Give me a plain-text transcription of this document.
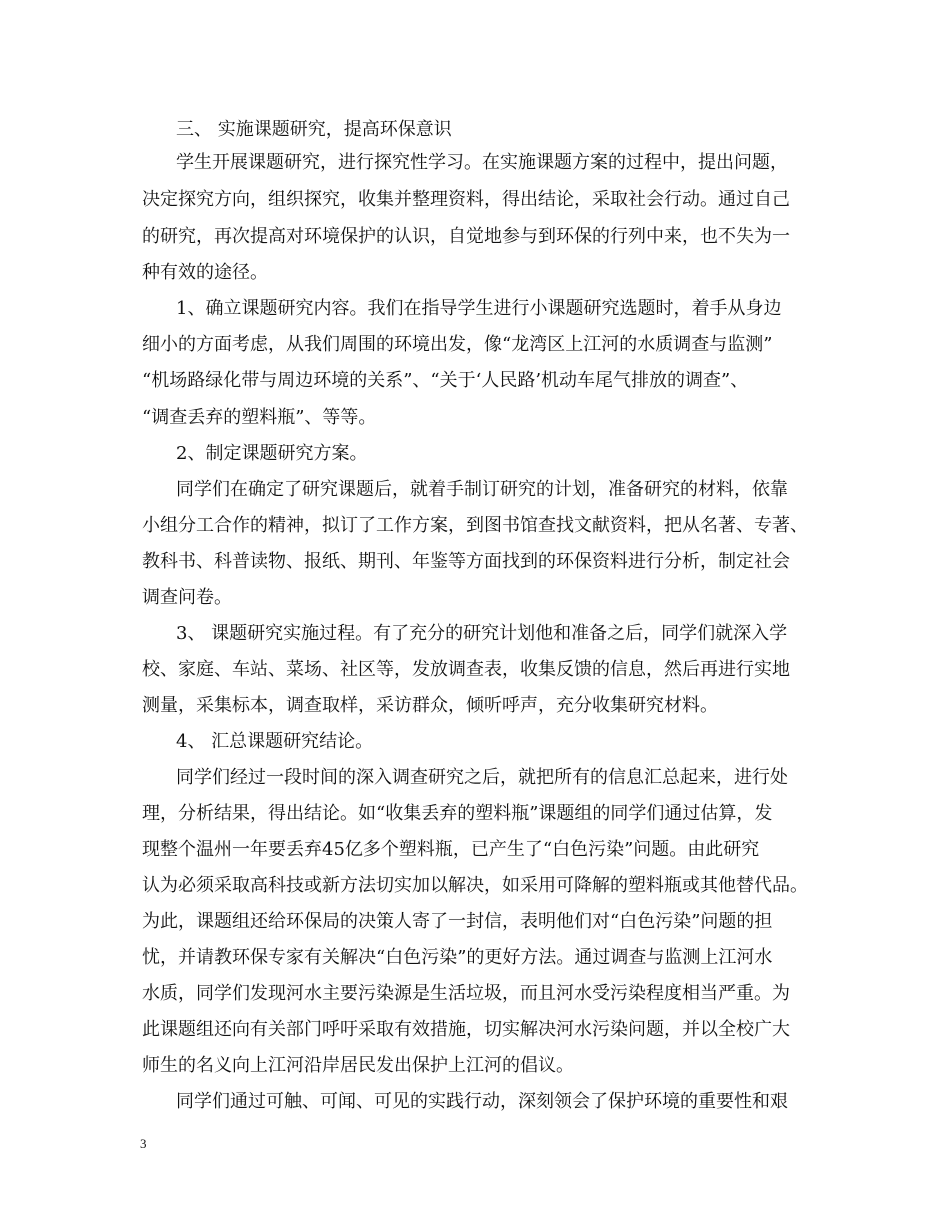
三、 实施课题研究，提高环保意识
学生开展课题研究，进行探究性学习。在实施课题方案的过程中，提出问题，
决定探究方向，组织探究，收集并整理资料，得出结论，采取社会行动。通过自己
的研究，再次提高对环境保护的认识，自觉地参与到环保的行列中来，也不失为一
种有效的途径。
1、确立课题研究内容。我们在指导学生进行小课题研究选题时，着手从身边
细小的方面考虑，从我们周围的环境出发，像“龙湾区上江河的水质调查与监测”
“机场路绿化带与周边环境的关系”、“关于‘人民路’机动车尾气排放的调查”、
“调查丢弃的塑料瓶”、等等。
2、制定课题研究方案。
同学们在确定了研究课题后，就着手制订研究的计划，准备研究的材料，依靠
小组分工合作的精神，拟订了工作方案，到图书馆查找文献资料，把从名著、专著、
教科书、科普读物、报纸、期刊、年鉴等方面找到的环保资料进行分析，制定社会
调查问卷。
3、 课题研究实施过程。有了充分的研究计划他和准备之后，同学们就深入学
校、家庭、车站、菜场、社区等，发放调查表，收集反馈的信息，然后再进行实地
测量，采集标本，调查取样，采访群众，倾听呼声，充分收集研究材料。
4、 汇总课题研究结论。
同学们经过一段时间的深入调查研究之后，就把所有的信息汇总起来，进行处
理，分析结果，得出结论。如“收集丢弃的塑料瓶”课题组的同学们通过估算，发
现整个温州一年要丢弃45亿多个塑料瓶，已产生了“白色污染”问题。由此研究
认为必须采取高科技或新方法切实加以解决，如采用可降解的塑料瓶或其他替代品。
为此，课题组还给环保局的决策人寄了一封信，表明他们对“白色污染”问题的担
忧，并请教环保专家有关解决“白色污染”的更好方法。通过调查与监测上江河水
水质，同学们发现河水主要污染源是生活垃圾，而且河水受污染程度相当严重。为
此课题组还向有关部门呼吁采取有效措施，切实解决河水污染问题，并以全校广大
师生的名义向上江河沿岸居民发出保护上江河的倡议。
同学们通过可触、可闻、可见的实践行动，深刻领会了保护环境的重要性和艰
3
